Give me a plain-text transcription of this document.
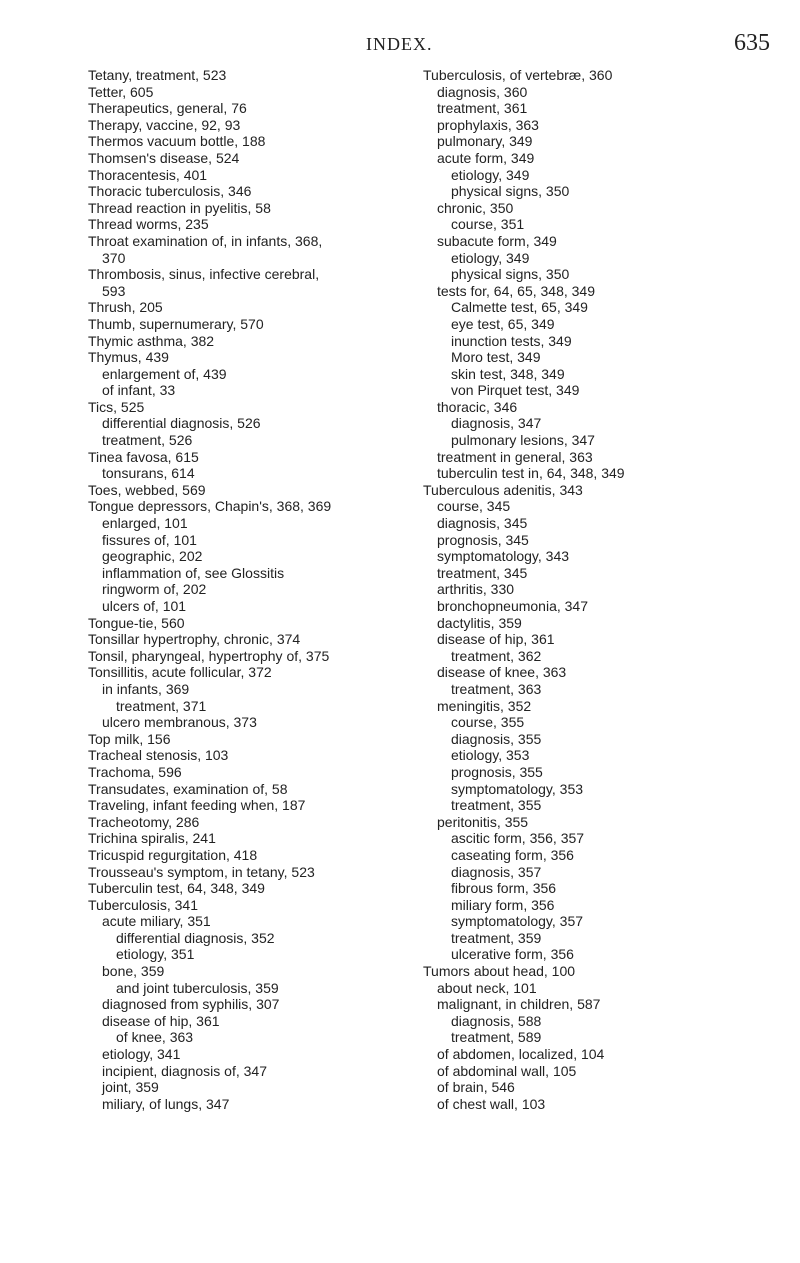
INDEX.	635
Tetany, treatment, 523
Tetter, 605
Therapeutics, general, 76
Therapy, vaccine, 92, 93
Thermos vacuum bottle, 188
Thomsen's disease, 524
Thoracentesis, 401
Thoracic tuberculosis, 346
Thread reaction in pyelitis, 58
Thread worms, 235
Throat examination of, in infants, 368,
370
Thrombosis, sinus, infective cerebral,
593
Thrush, 205
Thumb, supernumerary, 570
Thymic asthma, 382
Thymus, 439
enlargement of, 439
of infant, 33
Tics, 525
differential diagnosis, 526
treatment, 526
Tinea favosa, 615
tonsurans, 614
Toes, webbed, 569
Tongue depressors, Chapin's, 368, 369
enlarged, 101
fissures of, 101
geographic, 202
inflammation of, see Glossitis
ringworm of, 202
ulcers of, 101
Tongue-tie, 560
Tonsillar hypertrophy, chronic, 374
Tonsil, pharyngeal, hypertrophy of, 375
Tonsillitis, acute follicular, 372
in infants, 369
treatment, 371
ulcero membranous, 373
Top milk, 156
Tracheal stenosis, 103
Trachoma, 596
Transudates, examination of, 58
Traveling, infant feeding when, 187
Tracheotomy, 286
Trichina spiralis, 241
Tricuspid regurgitation, 418
Trousseau's symptom, in tetany, 523
Tuberculin test, 64, 348, 349
Tuberculosis, 341
acute miliary, 351
differential diagnosis, 352
etiology, 351
bone, 359
and joint tuberculosis, 359
diagnosed from syphilis, 307
disease of hip, 361
of knee, 363
etiology, 341
incipient, diagnosis of, 347
joint, 359
miliary, of lungs, 347
Tuberculosis, of vertebræ, 360
diagnosis, 360
treatment, 361
prophylaxis, 363
pulmonary, 349
acute form, 349
etiology, 349
physical signs, 350
chronic, 350
course, 351
subacute form, 349
etiology, 349
physical signs, 350
tests for, 64, 65, 348, 349
Calmette test, 65, 349
eye test, 65, 349
inunction tests, 349
Moro test, 349
skin test, 348, 349
von Pirquet test, 349
thoracic, 346
diagnosis, 347
pulmonary lesions, 347
treatment in general, 363
tuberculin test in, 64, 348, 349
Tuberculous adenitis, 343
course, 345
diagnosis, 345
prognosis, 345
symptomatology, 343
treatment, 345
arthritis, 330
bronchopneumonia, 347
dactylitis, 359
disease of hip, 361
treatment, 362
disease of knee, 363
treatment, 363
meningitis, 352
course, 355
diagnosis, 355
etiology, 353
prognosis, 355
symptomatology, 353
treatment, 355
peritonitis, 355
ascitic form, 356, 357
caseating form, 356
diagnosis, 357
fibrous form, 356
miliary form, 356
symptomatology, 357
treatment, 359
ulcerative form, 356
Tumors about head, 100
about neck, 101
malignant, in children, 587
diagnosis, 588
treatment, 589
of abdomen, localized, 104
of abdominal wall, 105
of brain, 546
of chest wall, 103
